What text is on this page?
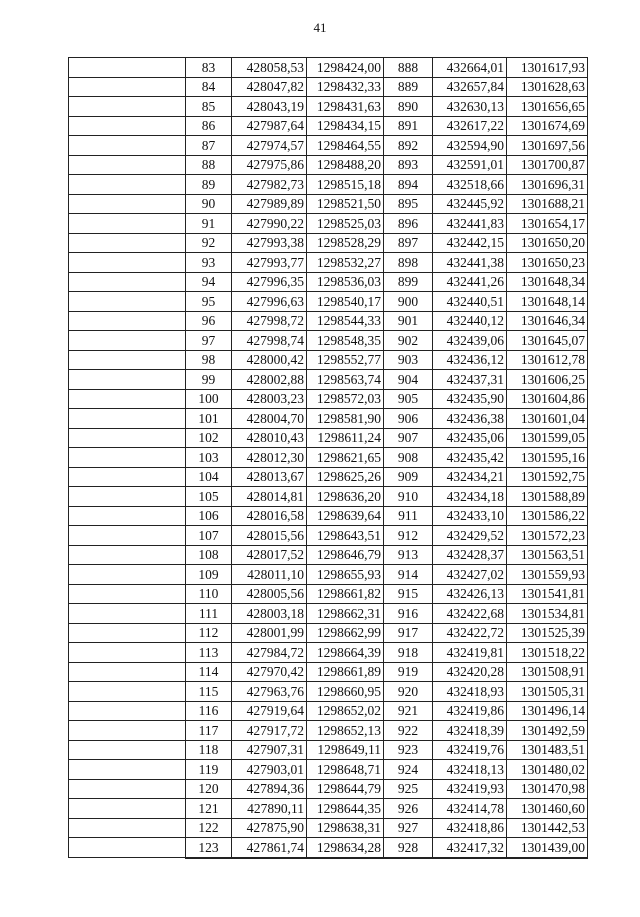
41
	83	428058,53	1298424,00	888	432664,01	1301617,93
	84	428047,82	1298432,33	889	432657,84	1301628,63
	85	428043,19	1298431,63	890	432630,13	1301656,65
	86	427987,64	1298434,15	891	432617,22	1301674,69
	87	427974,57	1298464,55	892	432594,90	1301697,56
	88	427975,86	1298488,20	893	432591,01	1301700,87
	89	427982,73	1298515,18	894	432518,66	1301696,31
	90	427989,89	1298521,50	895	432445,92	1301688,21
	91	427990,22	1298525,03	896	432441,83	1301654,17
	92	427993,38	1298528,29	897	432442,15	1301650,20
	93	427993,77	1298532,27	898	432441,38	1301650,23
	94	427996,35	1298536,03	899	432441,26	1301648,34
	95	427996,63	1298540,17	900	432440,51	1301648,14
	96	427998,72	1298544,33	901	432440,12	1301646,34
	97	427998,74	1298548,35	902	432439,06	1301645,07
	98	428000,42	1298552,77	903	432436,12	1301612,78
	99	428002,88	1298563,74	904	432437,31	1301606,25
	100	428003,23	1298572,03	905	432435,90	1301604,86
	101	428004,70	1298581,90	906	432436,38	1301601,04
	102	428010,43	1298611,24	907	432435,06	1301599,05
	103	428012,30	1298621,65	908	432435,42	1301595,16
	104	428013,67	1298625,26	909	432434,21	1301592,75
	105	428014,81	1298636,20	910	432434,18	1301588,89
	106	428016,58	1298639,64	911	432433,10	1301586,22
	107	428015,56	1298643,51	912	432429,52	1301572,23
	108	428017,52	1298646,79	913	432428,37	1301563,51
	109	428011,10	1298655,93	914	432427,02	1301559,93
	110	428005,56	1298661,82	915	432426,13	1301541,81
	111	428003,18	1298662,31	916	432422,68	1301534,81
	112	428001,99	1298662,99	917	432422,72	1301525,39
	113	427984,72	1298664,39	918	432419,81	1301518,22
	114	427970,42	1298661,89	919	432420,28	1301508,91
	115	427963,76	1298660,95	920	432418,93	1301505,31
	116	427919,64	1298652,02	921	432419,86	1301496,14
	117	427917,72	1298652,13	922	432418,39	1301492,59
	118	427907,31	1298649,11	923	432419,76	1301483,51
	119	427903,01	1298648,71	924	432418,13	1301480,02
	120	427894,36	1298644,79	925	432419,93	1301470,98
	121	427890,11	1298644,35	926	432414,78	1301460,60
	122	427875,90	1298638,31	927	432418,86	1301442,53
	123	427861,74	1298634,28	928	432417,32	1301439,00
